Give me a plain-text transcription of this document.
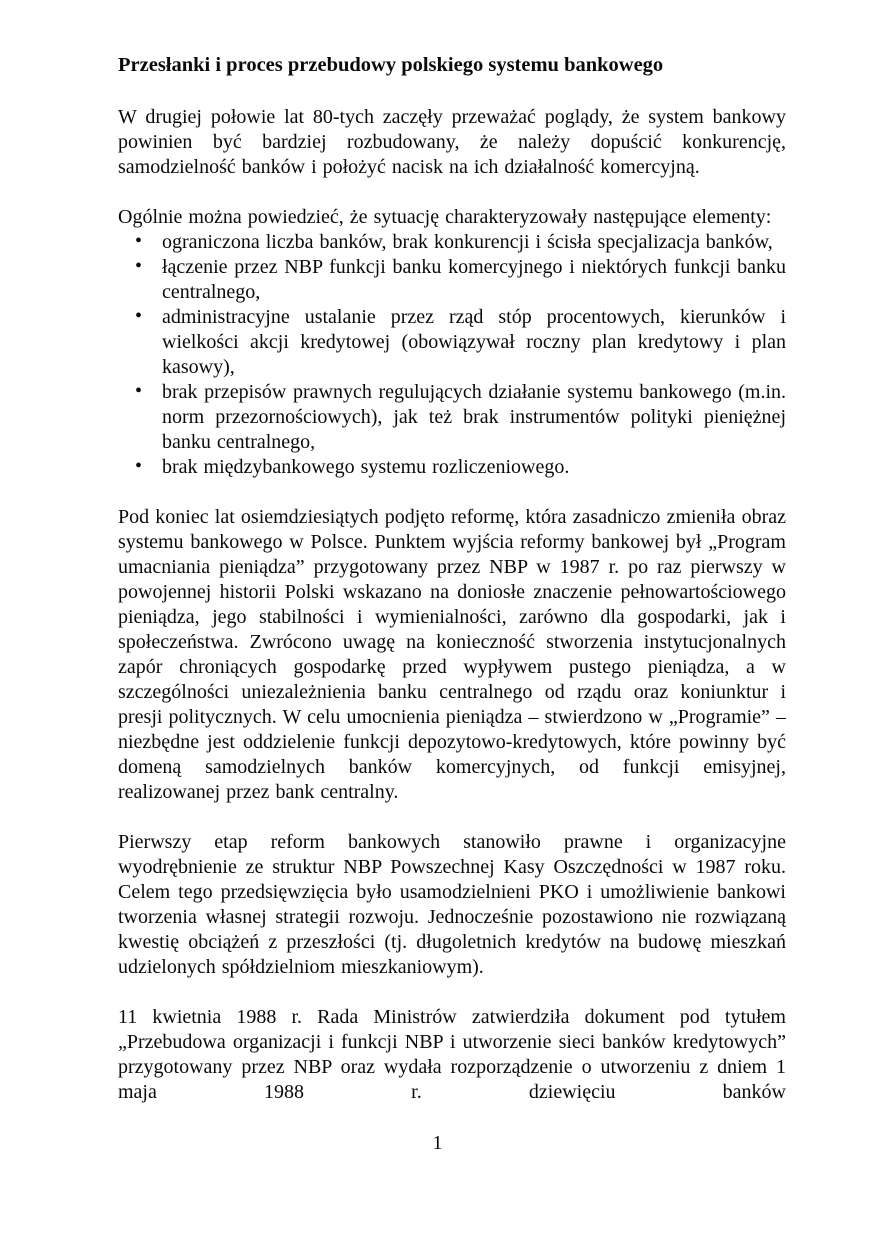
Przesłanki i proces przebudowy polskiego systemu bankowego

W drugiej połowie lat 80-tych zaczęły przeważać poglądy, że system bankowy powinien być bardziej rozbudowany, że należy dopuścić konkurencję, samodzielność banków i położyć nacisk na ich działalność komercyjną.

Ogólnie można powiedzieć, że sytuację charakteryzowały następujące elementy:

• ograniczona liczba banków, brak konkurencji i ścisła specjalizacja banków,
• łączenie przez NBP funkcji banku komercyjnego i niektórych funkcji banku centralnego,
• administracyjne ustalanie przez rząd stóp procentowych, kierunków i wielkości akcji kredytowej (obowiązywał roczny plan kredytowy i plan kasowy),
• brak przepisów prawnych regulujących działanie systemu bankowego (m.in. norm przezornościowych), jak też brak instrumentów polityki pieniężnej banku centralnego,
• brak międzybankowego systemu rozliczeniowego.

Pod koniec lat osiemdziesiątych podjęto reformę, która zasadniczo zmieniła obraz systemu bankowego w Polsce. Punktem wyjścia reformy bankowej był „Program umacniania pieniądza” przygotowany przez NBP w 1987 r. po raz pierwszy w powojennej historii Polski wskazano na doniosłe znaczenie pełnowartościowego pieniądza, jego stabilności i wymienialności, zarówno dla gospodarki, jak i społeczeństwa. Zwrócono uwagę na konieczność stworzenia instytucjonalnych zapór chroniących gospodarkę przed wypływem pustego pieniądza, a w szczególności uniezależnienia banku centralnego od rządu oraz koniunktur i presji politycznych. W celu umocnienia pieniądza – stwierdzono w „Programie” – niezbędne jest oddzielenie funkcji depozytowo-kredytowych, które powinny być domeną samodzielnych banków komercyjnych, od funkcji emisyjnej, realizowanej przez bank centralny.

Pierwszy etap reform bankowych stanowiło prawne i organizacyjne wyodrębnienie ze struktur NBP Powszechnej Kasy Oszczędności w 1987 roku. Celem tego przedsięwzięcia było usamodzielnieni PKO i umożliwienie bankowi tworzenia własnej strategii rozwoju. Jednocześnie pozostawiono nie rozwiązaną kwestię obciążeń z przeszłości (tj. długoletnich kredytów na budowę mieszkań udzielonych spółdzielniom mieszkaniowym).

11 kwietnia 1988 r. Rada Ministrów zatwierdziła dokument pod tytułem „Przebudowa organizacji i funkcji NBP i utworzenie sieci banków kredytowych” przygotowany przez NBP oraz wydała rozporządzenie o utworzeniu z dniem 1 maja 1988 r. dziewięciu banków

1
